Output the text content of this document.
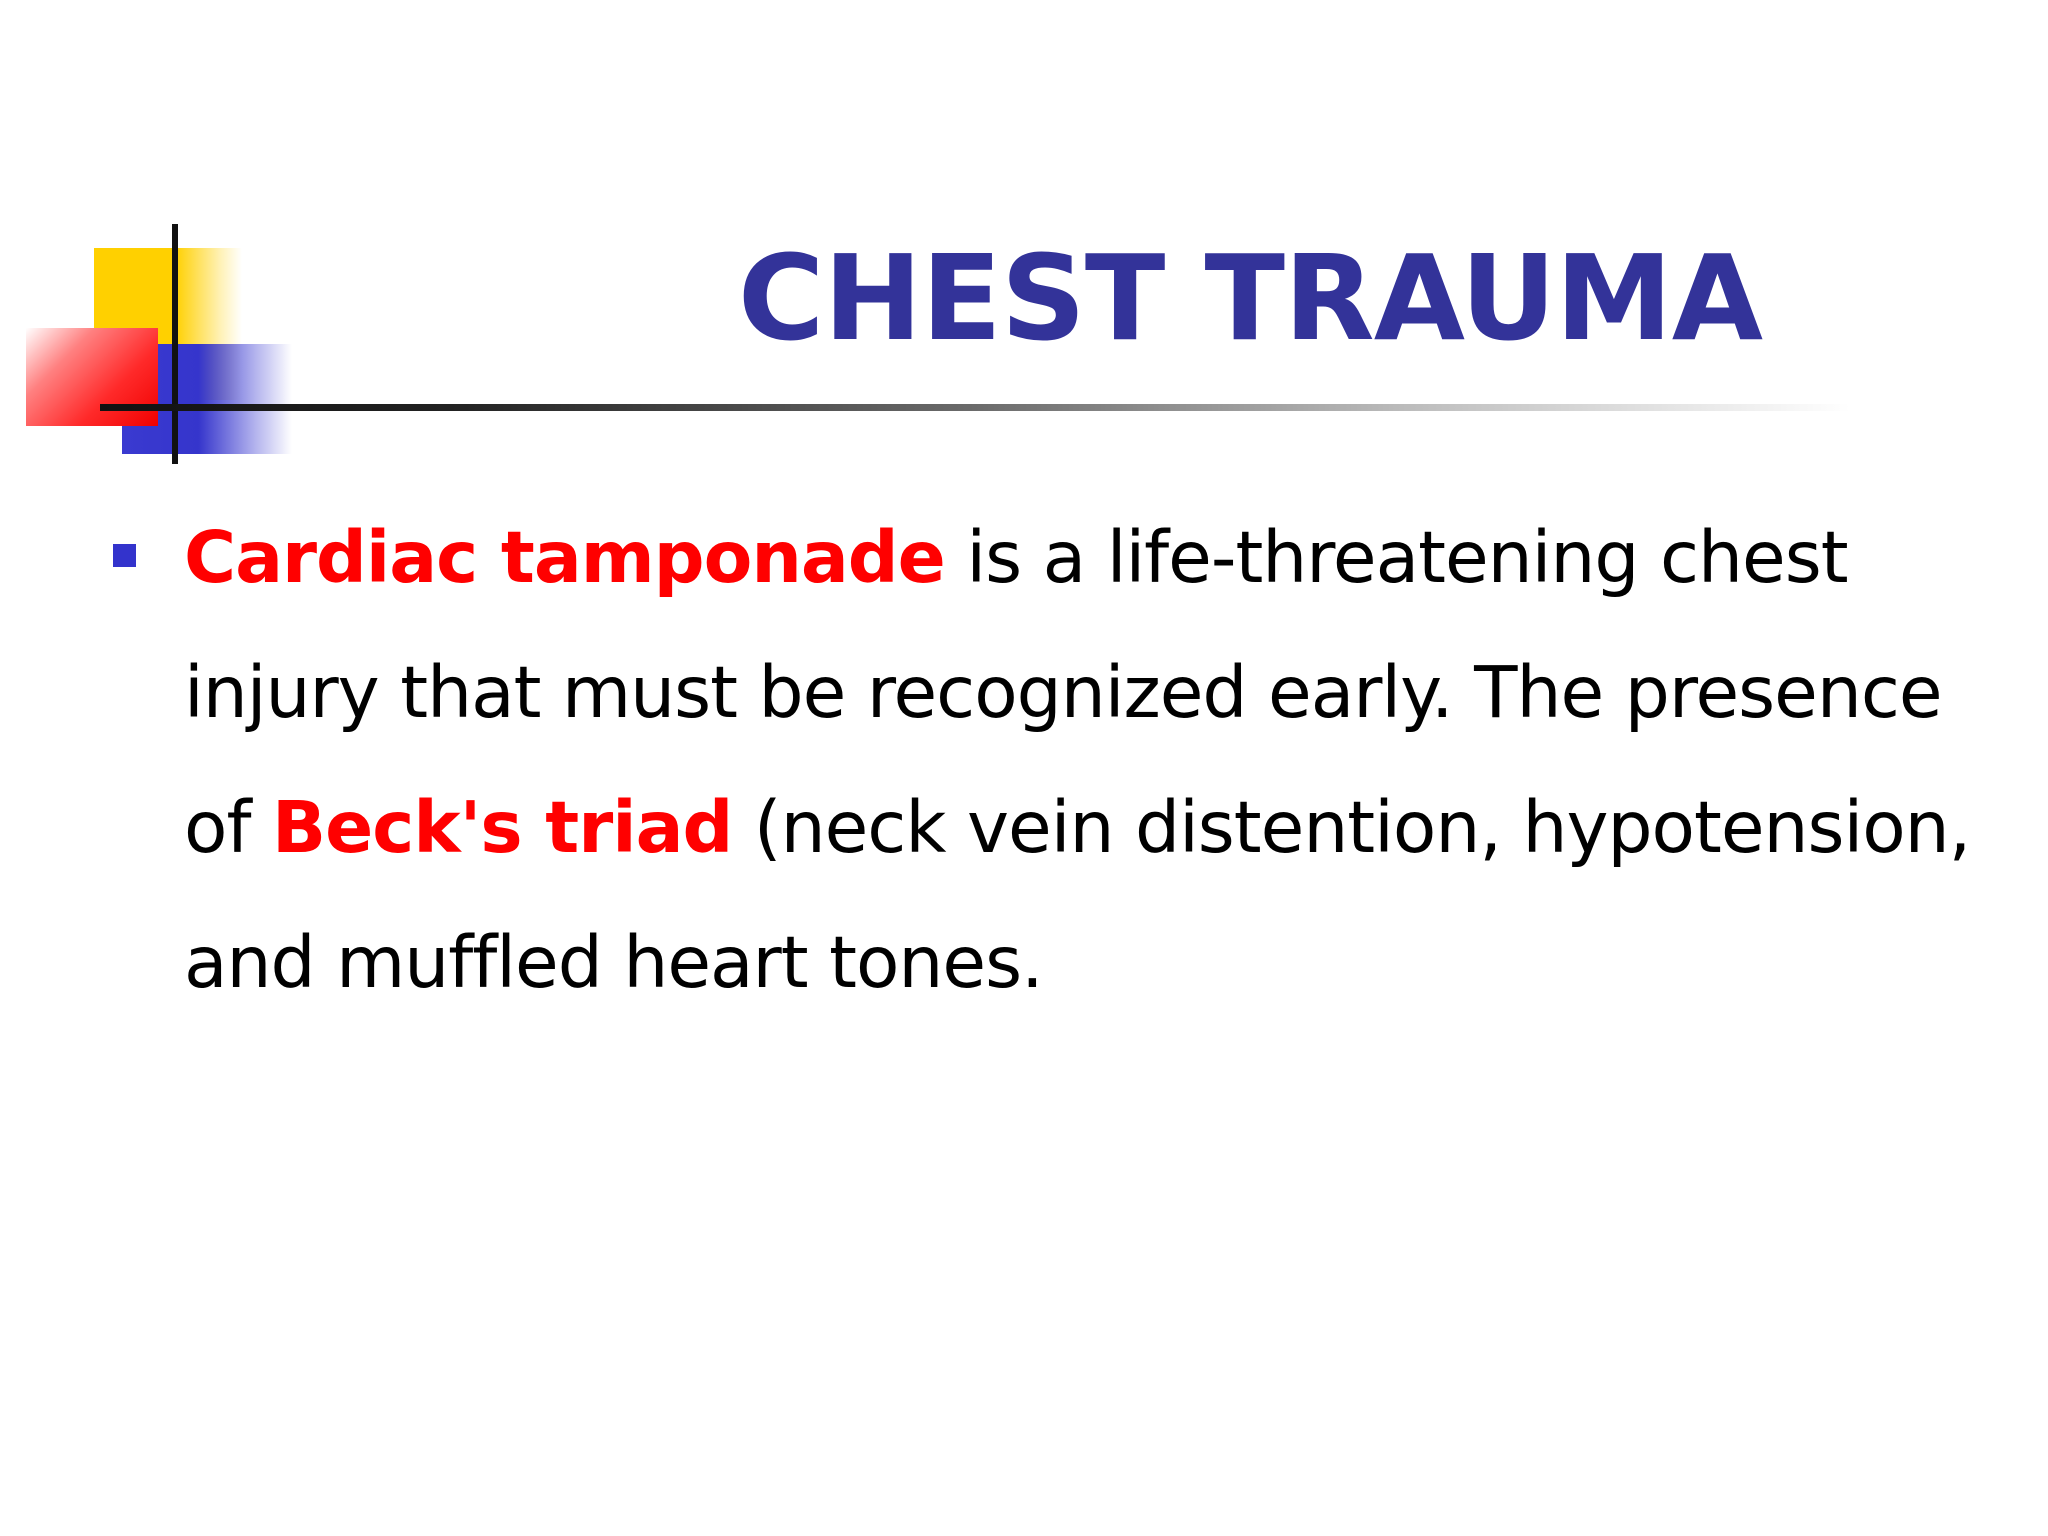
CHEST TRAUMA

Cardiac tamponade is a life-threatening chest injury that must be recognized early. The presence of Beck's triad (neck vein distention, hypotension, and muffled heart tones.
